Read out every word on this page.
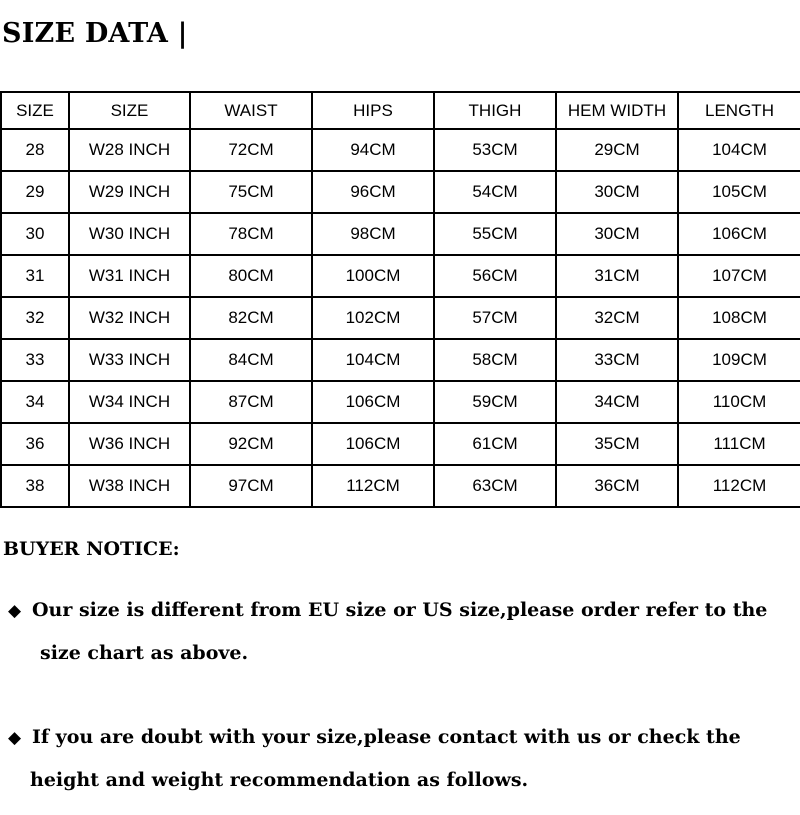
SIZE DATA |
SIZE	SIZE	WAIST	HIPS	THIGH	HEM WIDTH	LENGTH
28	W28 INCH	72CM	94CM	53CM	29CM	104CM
29	W29 INCH	75CM	96CM	54CM	30CM	105CM
30	W30 INCH	78CM	98CM	55CM	30CM	106CM
31	W31 INCH	80CM	100CM	56CM	31CM	107CM
32	W32 INCH	82CM	102CM	57CM	32CM	108CM
33	W33 INCH	84CM	104CM	58CM	33CM	109CM
34	W34 INCH	87CM	106CM	59CM	34CM	110CM
36	W36 INCH	92CM	106CM	61CM	35CM	111CM
38	W38 INCH	97CM	112CM	63CM	36CM	112CM
BUYER NOTICE:
◆ Our size is different from EU size or US size,please order refer to the
size chart as above.
◆ If you are doubt with your size,please contact with us or check the
height and weight recommendation as follows.
